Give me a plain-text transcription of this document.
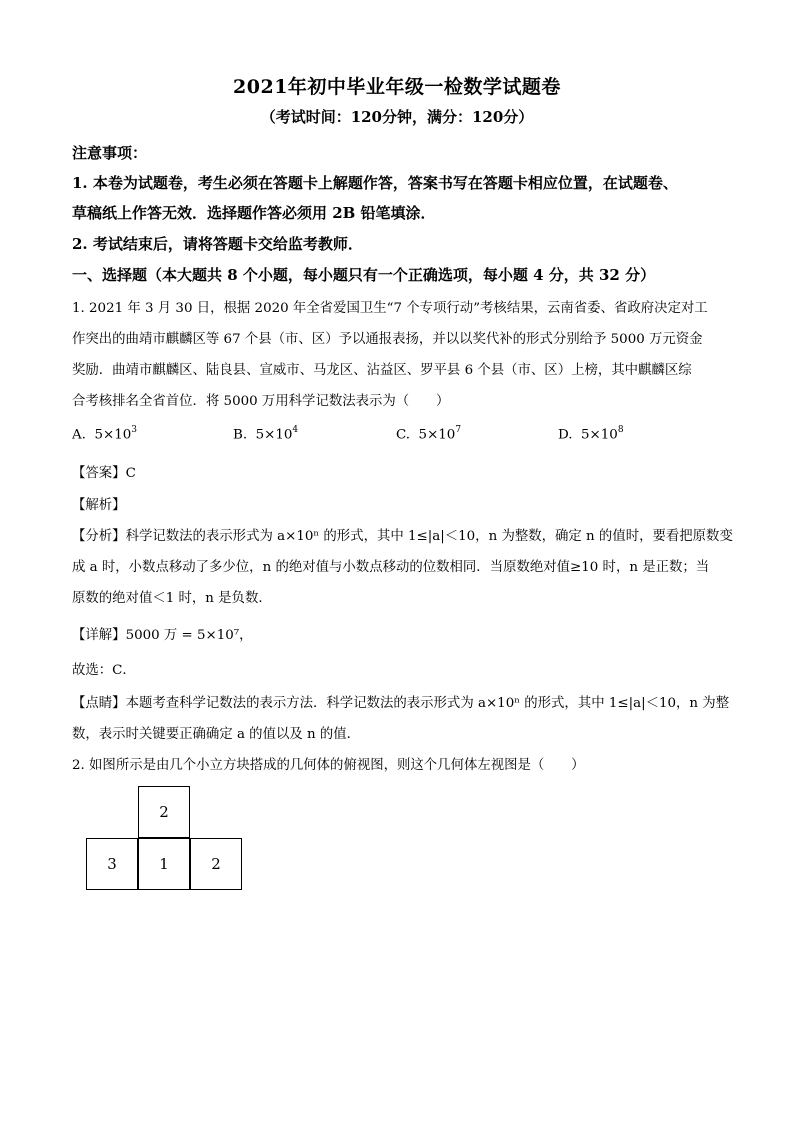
2021年初中毕业年级一检数学试题卷
（考试时间：120分钟，满分：120分）
注意事项：
1. 本卷为试题卷，考生必须在答题卡上解题作答，答案书写在答题卡相应位置，在试题卷、
草稿纸上作答无效．选择题作答必须用 2B 铅笔填涂．
2. 考试结束后，请将答题卡交给监考教师．
一、选择题（本大题共 8 个小题，每小题只有一个正确选项，每小题 4 分，共 32 分）
1. 2021 年 3 月 30 日，根据 2020 年全省爱国卫生“7 个专项行动”考核结果，云南省委、省政府决定对工
作突出的曲靖市麒麟区等 67 个县（市、区）予以通报表扬，并以以奖代补的形式分别给予 5000 万元资金
奖励．曲靖市麒麟区、陆良县、宣威市、马龙区、沾益区、罗平县 6 个县（市、区）上榜，其中麒麟区综
合考核排名全省首位．将 5000 万用科学记数法表示为（　　）
A. $5\times 10^3$	B. $5\times 10^4$	C. $5\times 10^7$	D. $5\times 10^8$
【答案】C
【解析】
【分析】科学记数法的表示形式为 a×10ⁿ 的形式，其中 1≤|a|＜10，n 为整数，确定 n 的值时，要看把原数变
成 a 时，小数点移动了多少位，n 的绝对值与小数点移动的位数相同．当原数绝对值≥10 时，n 是正数；当
原数的绝对值＜1 时，n 是负数．
【详解】5000 万 = 5×10⁷，
故选：C．
【点睛】本题考查科学记数法的表示方法．科学记数法的表示形式为 a×10ⁿ 的形式，其中 1≤|a|＜10，n 为整
数，表示时关键要正确确定 a 的值以及 n 的值．
2. 如图所示是由几个小立方块搭成的几何体的俯视图，则这个几何体左视图是（　　）
2
3	1	2
